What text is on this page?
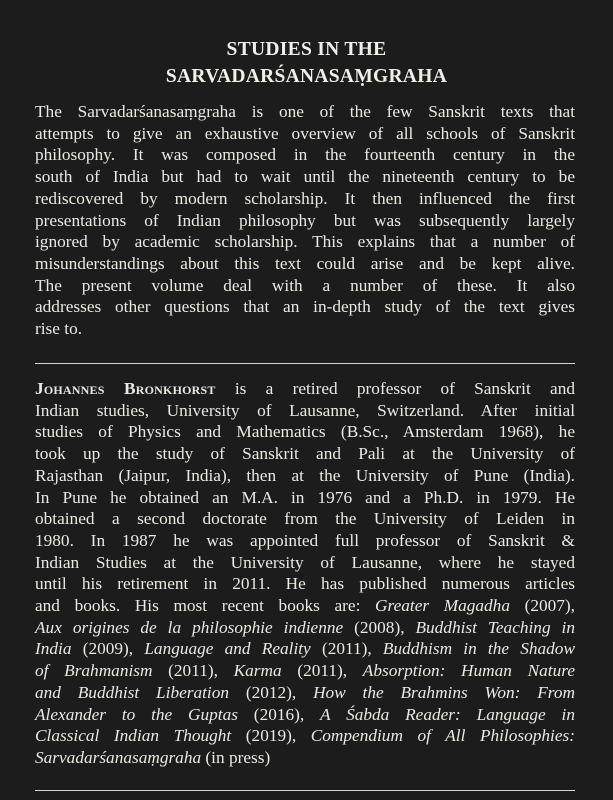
STUDIES IN THE
SARVADARŚANASAṂGRAHA
The Sarvadarśanasaṃgraha is one of the few Sanskrit texts that
attempts to give an exhaustive overview of all schools of Sanskrit
philosophy. It was composed in the fourteenth century in the
south of India but had to wait until the nineteenth century to be
rediscovered by modern scholarship. It then influenced the first
presentations of Indian philosophy but was subsequently largely
ignored by academic scholarship. This explains that a number of
misunderstandings about this text could arise and be kept alive.
The present volume deal with a number of these. It also
addresses other questions that an in-depth study of the text gives
rise to.
Johannes Bronkhorst is a retired professor of Sanskrit and
Indian studies, University of Lausanne, Switzerland. After initial
studies of Physics and Mathematics (B.Sc., Amsterdam 1968), he
took up the study of Sanskrit and Pali at the University of
Rajasthan (Jaipur, India), then at the University of Pune (India).
In Pune he obtained an M.A. in 1976 and a Ph.D. in 1979. He
obtained a second doctorate from the University of Leiden in
1980. In 1987 he was appointed full professor of Sanskrit &
Indian Studies at the University of Lausanne, where he stayed
until his retirement in 2011. He has published numerous articles
and books. His most recent books are: Greater Magadha (2007),
Aux origines de la philosophie indienne (2008), Buddhist Teaching in
India (2009), Language and Reality (2011), Buddhism in the Shadow
of Brahmanism (2011), Karma (2011), Absorption: Human Nature
and Buddhist Liberation (2012), How the Brahmins Won: From
Alexander to the Guptas (2016), A Śabda Reader: Language in
Classical Indian Thought (2019), Compendium of All Philosophies:
Sarvadarśanasaṃgraha (in press)
